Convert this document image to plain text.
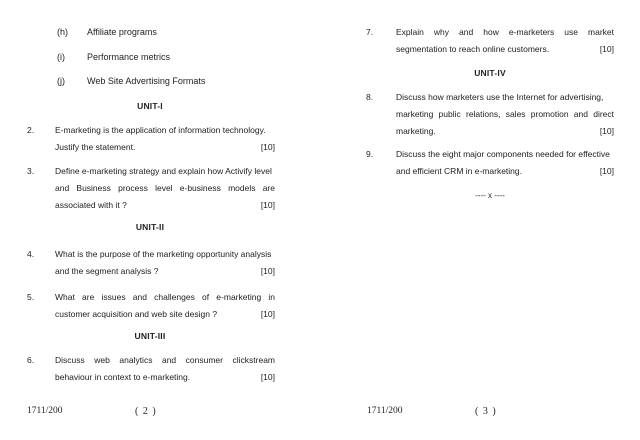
(h) Affiliate programs
(i) Performance metrics
(j) Web Site Advertising Formats
UNIT-I
2. E-marketing is the application of information technology.
Justify the statement.	[10]
3. Define e-marketing strategy and explain how Activify level
and Business process level e-business models are
associated with it ?	[10]
UNIT-II
4. What is the purpose of the marketing opportunity analysis
and the segment analysis ?	[10]
5. What are issues and challenges of e-marketing in
customer acquisition and web site design ?	[10]
UNIT-III
6. Discuss web analytics and consumer clickstream
behaviour in context to e-marketing.	[10]
1711/200	( 2 )
7.	Explain why and how e-marketers use market
segmentation to reach online customers.	[10]
UNIT-IV
8.	Discuss how marketers use the Internet for advertising,
marketing public relations, sales promotion and direct
marketing.	[10]
9.	Discuss the eight major components needed for effective
and efficient CRM in e-marketing.	[10]
---- x ----
1711/200	( 3 )
